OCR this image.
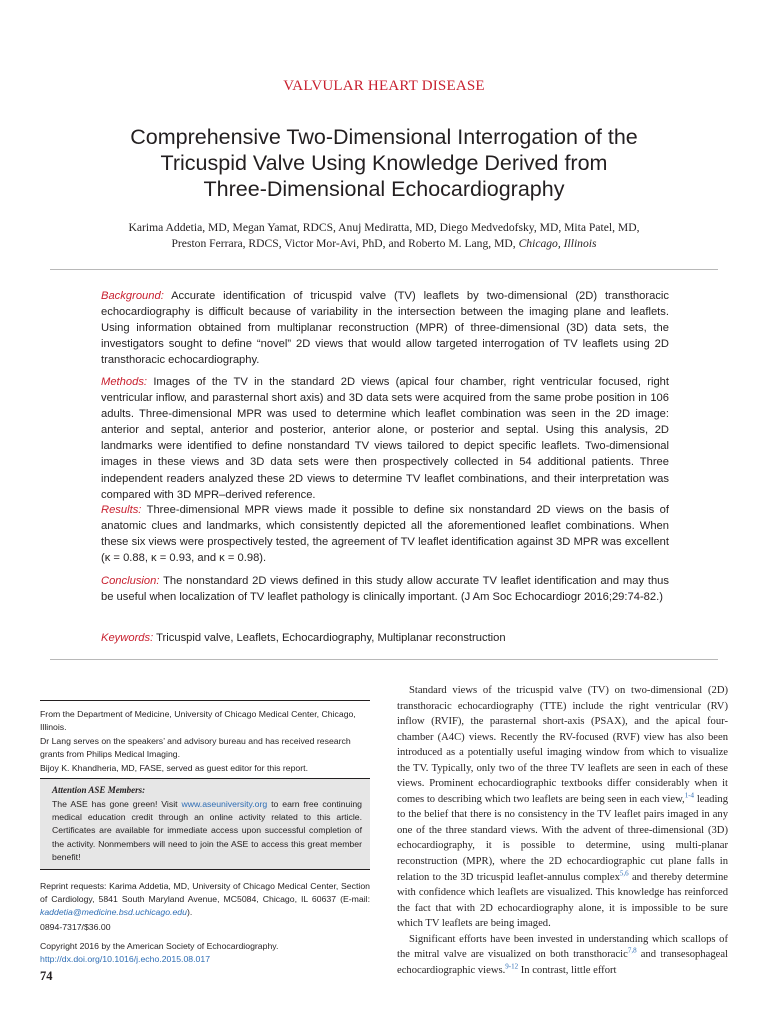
VALVULAR HEART DISEASE
Comprehensive Two-Dimensional Interrogation of the
Tricuspid Valve Using Knowledge Derived from
Three-Dimensional Echocardiography
Karima Addetia, MD, Megan Yamat, RDCS, Anuj Mediratta, MD, Diego Medvedofsky, MD, Mita Patel, MD,
Preston Ferrara, RDCS, Victor Mor-Avi, PhD, and Roberto M. Lang, MD, Chicago, Illinois
Background: Accurate identification of tricuspid valve (TV) leaflets by two-dimensional (2D) transthoracic echocardiography is difficult because of variability in the intersection between the imaging plane and leaflets. Using information obtained from multiplanar reconstruction (MPR) of three-dimensional (3D) data sets, the investigators sought to define “novel” 2D views that would allow targeted interrogation of TV leaflets using 2D transthoracic echocardiography.
Methods: Images of the TV in the standard 2D views (apical four chamber, right ventricular focused, right ventricular inflow, and parasternal short axis) and 3D data sets were acquired from the same probe position in 106 adults. Three-dimensional MPR was used to determine which leaflet combination was seen in the 2D image: anterior and septal, anterior and posterior, anterior alone, or posterior and septal. Using this analysis, 2D landmarks were identified to define nonstandard TV views tailored to depict specific leaflets. Two-dimensional images in these views and 3D data sets were then prospectively collected in 54 additional patients. Three independent readers analyzed these 2D views to determine TV leaflet combinations, and their interpretation was compared with 3D MPR–derived reference.
Results: Three-dimensional MPR views made it possible to define six nonstandard 2D views on the basis of anatomic clues and landmarks, which consistently depicted all the aforementioned leaflet combinations. When these six views were prospectively tested, the agreement of TV leaflet identification against 3D MPR was excellent (κ = 0.88, κ = 0.93, and κ = 0.98).
Conclusion: The nonstandard 2D views defined in this study allow accurate TV leaflet identification and may thus be useful when localization of TV leaflet pathology is clinically important. (J Am Soc Echocardiogr 2016;29:74-82.)
Keywords: Tricuspid valve, Leaflets, Echocardiography, Multiplanar reconstruction
From the Department of Medicine, University of Chicago Medical Center, Chicago, Illinois.
Dr Lang serves on the speakers’ and advisory bureau and has received research grants from Philips Medical Imaging.
Bijoy K. Khandheria, MD, FASE, served as guest editor for this report.
Attention ASE Members:
The ASE has gone green! Visit www.aseuniversity.org to earn free continuing medical education credit through an online activity related to this article. Certificates are available for immediate access upon successful completion of the activity. Nonmembers will need to join the ASE to access this great member benefit!
Reprint requests: Karima Addetia, MD, University of Chicago Medical Center, Section of Cardiology, 5841 South Maryland Avenue, MC5084, Chicago, IL 60637 (E-mail: kaddetia@medicine.bsd.uchicago.edu).
0894-7317/$36.00
Copyright 2016 by the American Society of Echocardiography.
http://dx.doi.org/10.1016/j.echo.2015.08.017
74

Standard views of the tricuspid valve (TV) on two-dimensional (2D) transthoracic echocardiography (TTE) include the right ventricular (RV) inflow (RVIF), the parasternal short-axis (PSAX), and the apical four-chamber (A4C) views. Recently the RV-focused (RVF) view has also been introduced as a potentially useful imaging window from which to visualize the TV. Typically, only two of the three TV leaflets are seen in each of these views. Prominent echocardiographic textbooks differ considerably when it comes to describing which two leaflets are being seen in each view,$^{1-4}$ leading to the belief that there is no consistency in the TV leaflet pairs imaged in any one of the three standard views. With the advent of three-dimensional (3D) echocardiography, it is possible to determine, using multi-planar reconstruction (MPR), where the 2D echocardiographic cut plane falls in relation to the 3D tricuspid leaflet-annulus complex$^{5,6}$ and thereby determine with confidence which leaflets are visualized. This knowledge has reinforced the fact that with 2D echocardiography alone, it is impossible to be sure which TV leaflets are being imaged.

Significant efforts have been invested in understanding which scallops of the mitral valve are visualized on both transthoracic$^{7,8}$ and transesophageal echocardiographic views.$^{9-12}$ In contrast, little effort
